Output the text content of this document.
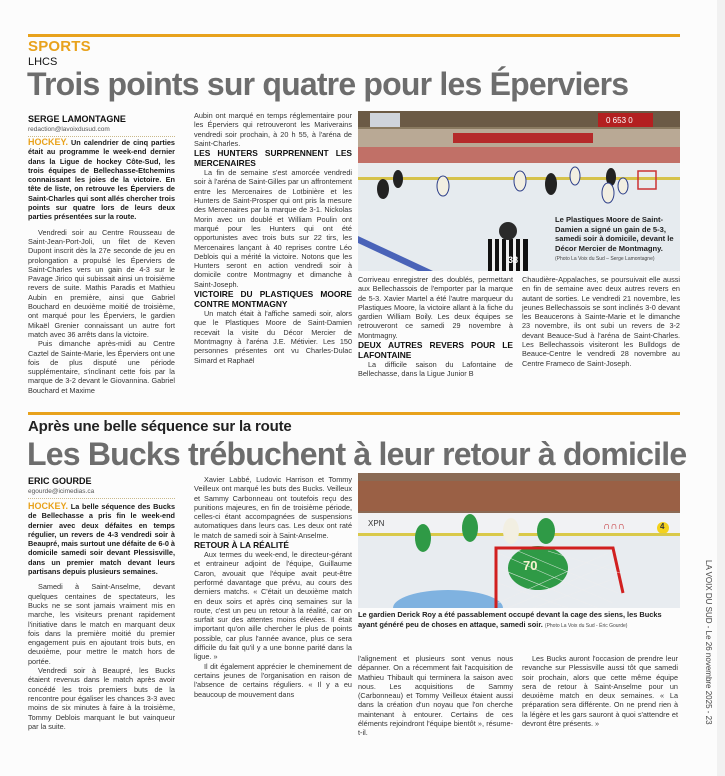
SPORTS
LHCS
Trois points sur quatre pour les Éperviers
SERGE LAMONTAGNE
redaction@lavoixdusud.com

HOCKEY. Un calendrier de cinq parties était au programme le week-end dernier dans la Ligue de hockey Côte-Sud, les trois équipes de Bellechasse-Etchemins connaissant les joies de la victoire. En tête de liste, on retrouve les Éperviers de Saint-Charles qui sont allés chercher trois points sur quatre lors de leurs deux parties présentées sur la route.

Vendredi soir au Centre Rousseau de Saint-Jean-Port-Joli, un filet de Keven Dupont inscrit dès la 27e seconde de jeu en prolongation a propulsé les Éperviers de Saint-Charles vers un gain de 4-3 sur le Pavage Jirico qui subissait ainsi un troisième revers de suite. Mathis Paradis et Mathieu Aubin en première, ainsi que Gabriel Bouchard en deuxième moitié de troisième, ont marqué pour les Éperviers, le gardien Mikaël Grenier connaissant un autre fort match avec 36 arrêts dans la victoire.

Puis dimanche après-midi au Centre Caztel de Sainte-Marie, les Éperviers ont une fois de plus disputé une période supplémentaire, s'inclinant cette fois par la marque de 3-2 devant le Giovannina. Gabriel Bouchard et Maxime

Aubin ont marqué en temps réglementaire pour les Éperviers qui retrouveront les Mariverains vendredi soir prochain, à 20 h 55, à l'aréna de Saint-Charles.

LES HUNTERS SURPRENNENT LES MERCENAIRES

La fin de semaine s'est amorcée vendredi soir à l'aréna de Saint-Gilles par un affrontement entre les Mercenaires de Lotbinière et les Hunters de Saint-Prosper qui ont pris la mesure des Mercenaires par la marque de 3-1. Nickolas Morin avec un doublé et William Poulin ont marqué pour les Hunters qui ont été opportunistes avec trois buts sur 22 tirs, les Mercenaires lançant à 40 reprises contre Léo Deblois qui a mérité la victoire. Notons que les Hunters seront en action vendredi soir à domicile contre Montmagny et dimanche à Saint-Joseph.

VICTOIRE DU PLASTIQUES MOORE CONTRE MONTMAGNY

Un match était à l'affiche samedi soir, alors que le Plastiques Moore de Saint-Damien recevait la visite du Décor Mercier de Montmagny à l'aréna J.E. Métivier. Les 150 personnes présentes ont vu Charles-Dulac Simard et Raphaël

0 653 0
38
Le Plastiques Moore de Saint-Damien a signé un gain de 5-3, samedi soir à domicile, devant le Décor Mercier de Montmagny.
(Photo La Voix du Sud – Serge Lamontagne)

Corriveau enregistrer des doublés, permettant aux Bellechassois de l'emporter par la marque de 5-3. Xavier Martel a été l'autre marqueur du Plastiques Moore, la victoire allant à la fiche du gardien William Boily. Les deux équipes se retrouveront ce samedi 29 novembre à Montmagny.

DEUX AUTRES REVERS POUR LE LAFONTAINE

La difficile saison du Lafontaine de Bellechasse, dans la Ligue Junior B

Chaudière-Appalaches, se poursuivait elle aussi en fin de semaine avec deux autres revers en autant de sorties. Le vendredi 21 novembre, les jeunes Bellechassois se sont inclinés 3-0 devant les Beaucerons à Sainte-Marie et le dimanche 23 novembre, ils ont subi un revers de 3-2 devant Beauce-Sud à l'aréna de Saint-Charles. Les Bellechassois visiteront les Bulldogs de Beauce-Centre le vendredi 28 novembre au Centre Frameco de Saint-Joseph.

Après une belle séquence sur la route
Les Bucks trébuchent à leur retour à domicile
ERIC GOURDE
egourde@icimedias.ca

HOCKEY. La belle séquence des Bucks de Bellechasse a pris fin le week-end dernier avec deux défaites en temps régulier, un revers de 4-3 vendredi soir à Beaupré, mais surtout une défaite de 6-0 à domicile samedi soir devant Plessisville, dans un premier match devant leurs partisans depuis plusieurs semaines.

Samedi à Saint-Anselme, devant quelques centaines de spectateurs, les Bucks ne se sont jamais vraiment mis en marche, les visiteurs prenant rapidement l'initiative dans le match en marquant deux fois dans la première moitié du premier engagement puis en ajoutant trois buts, en deuxième, pour mettre le match hors de portée.

Vendredi soir à Beaupré, les Bucks étaient revenus dans le match après avoir concédé les trois premiers buts de la rencontre pour égaliser les chances 3-3 avec moins de six minutes à faire à la troisième, Tommy Deblois marquant le but vainqueur par la suite.

Xavier Labbé, Ludovic Harrison et Tommy Veilleux ont marqué les buts des Bucks. Veilleux et Sammy Carbonneau ont toutefois reçu des punitions majeures, en fin de troisième période, celles-ci étant accompagnées de suspensions automatiques dans leurs cas. Les deux ont raté le match de samedi soir à Saint-Anselme.

RETOUR À LA RÉALITÉ

Aux termes du week-end, le directeur-gérant et entraineur adjoint de l'équipe, Guillaume Caron, avouait que l'équipe avait peut-être performé davantage que prévu, au cours des derniers matchs. « C'était un deuxième match en deux soirs et après cinq semaines sur la route, c'est un peu un retour à la réalité, car on surfait sur des attentes moins élevées. Il était important qu'on aille chercher le plus de points possible, car plus l'année avance, plus ce sera difficile du fait qu'il y a une bonne parité dans la ligue. »

Il dit également apprécier le cheminement de certains jeunes de l'organisation en raison de l'absence de certains réguliers. « Il y a eu beaucoup de mouvement dans

XPN	∩∩∩
70
4
Le gardien Derick Roy a été passablement occupé devant la cage des siens, les Bucks ayant généré peu de choses en attaque, samedi soir. (Photo La Voix du Sud - Éric Gourde)

l'alignement et plusieurs sont venus nous dépanner. On a récemment fait l'acquisition de Mathieu Thibault qui terminera la saison avec nous. Les acquisitions de Sammy (Carbonneau) et Tommy Veilleux étaient aussi dans la création d'un noyau que l'on cherche maintenant à entourer. Certains de ces éléments rejoindront l'équipe bientôt », résume-t-il.

Les Bucks auront l'occasion de prendre leur revanche sur Plessisville aussi tôt que samedi soir prochain, alors que cette même équipe sera de retour à Saint-Anselme pour un deuxième match en deux semaines. « La préparation sera différente. On ne prend rien à la légère et les gars sauront à quoi s'attendre et devront être présents. »	LA VOIX DU SUD - Le 26 novembre 2025 - 23
